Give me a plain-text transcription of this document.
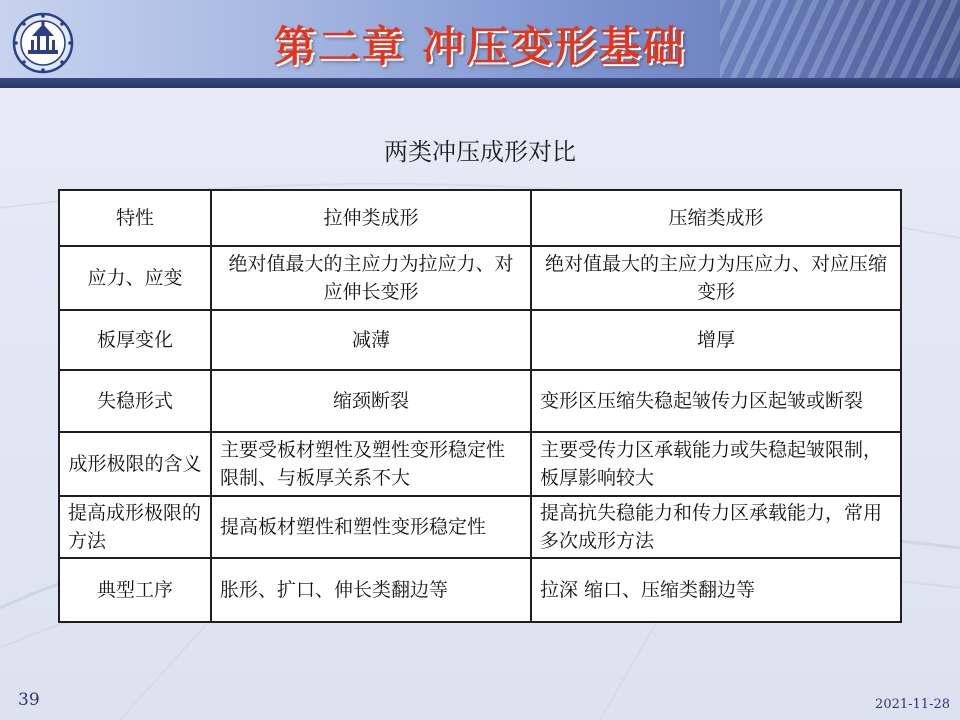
第二章 冲压变形基础
两类冲压成形对比
特性	拉伸类成形	压缩类成形
应力、应变	绝对值最大的主应力为拉应力、对应伸长变形	绝对值最大的主应力为压应力、对应压缩变形
板厚变化	减薄	增厚
失稳形式	缩颈断裂	变形区压缩失稳起皱传力区起皱或断裂
成形极限的含义	主要受板材塑性及塑性变形稳定性限制、与板厚关系不大	主要受传力区承载能力或失稳起皱限制，板厚影响较大
提高成形极限的方法	提高板材塑性和塑性变形稳定性	提高抗失稳能力和传力区承载能力，常用多次成形方法
典型工序	胀形、扩口、伸长类翻边等	拉深 缩口、压缩类翻边等
39	2021-11-28
